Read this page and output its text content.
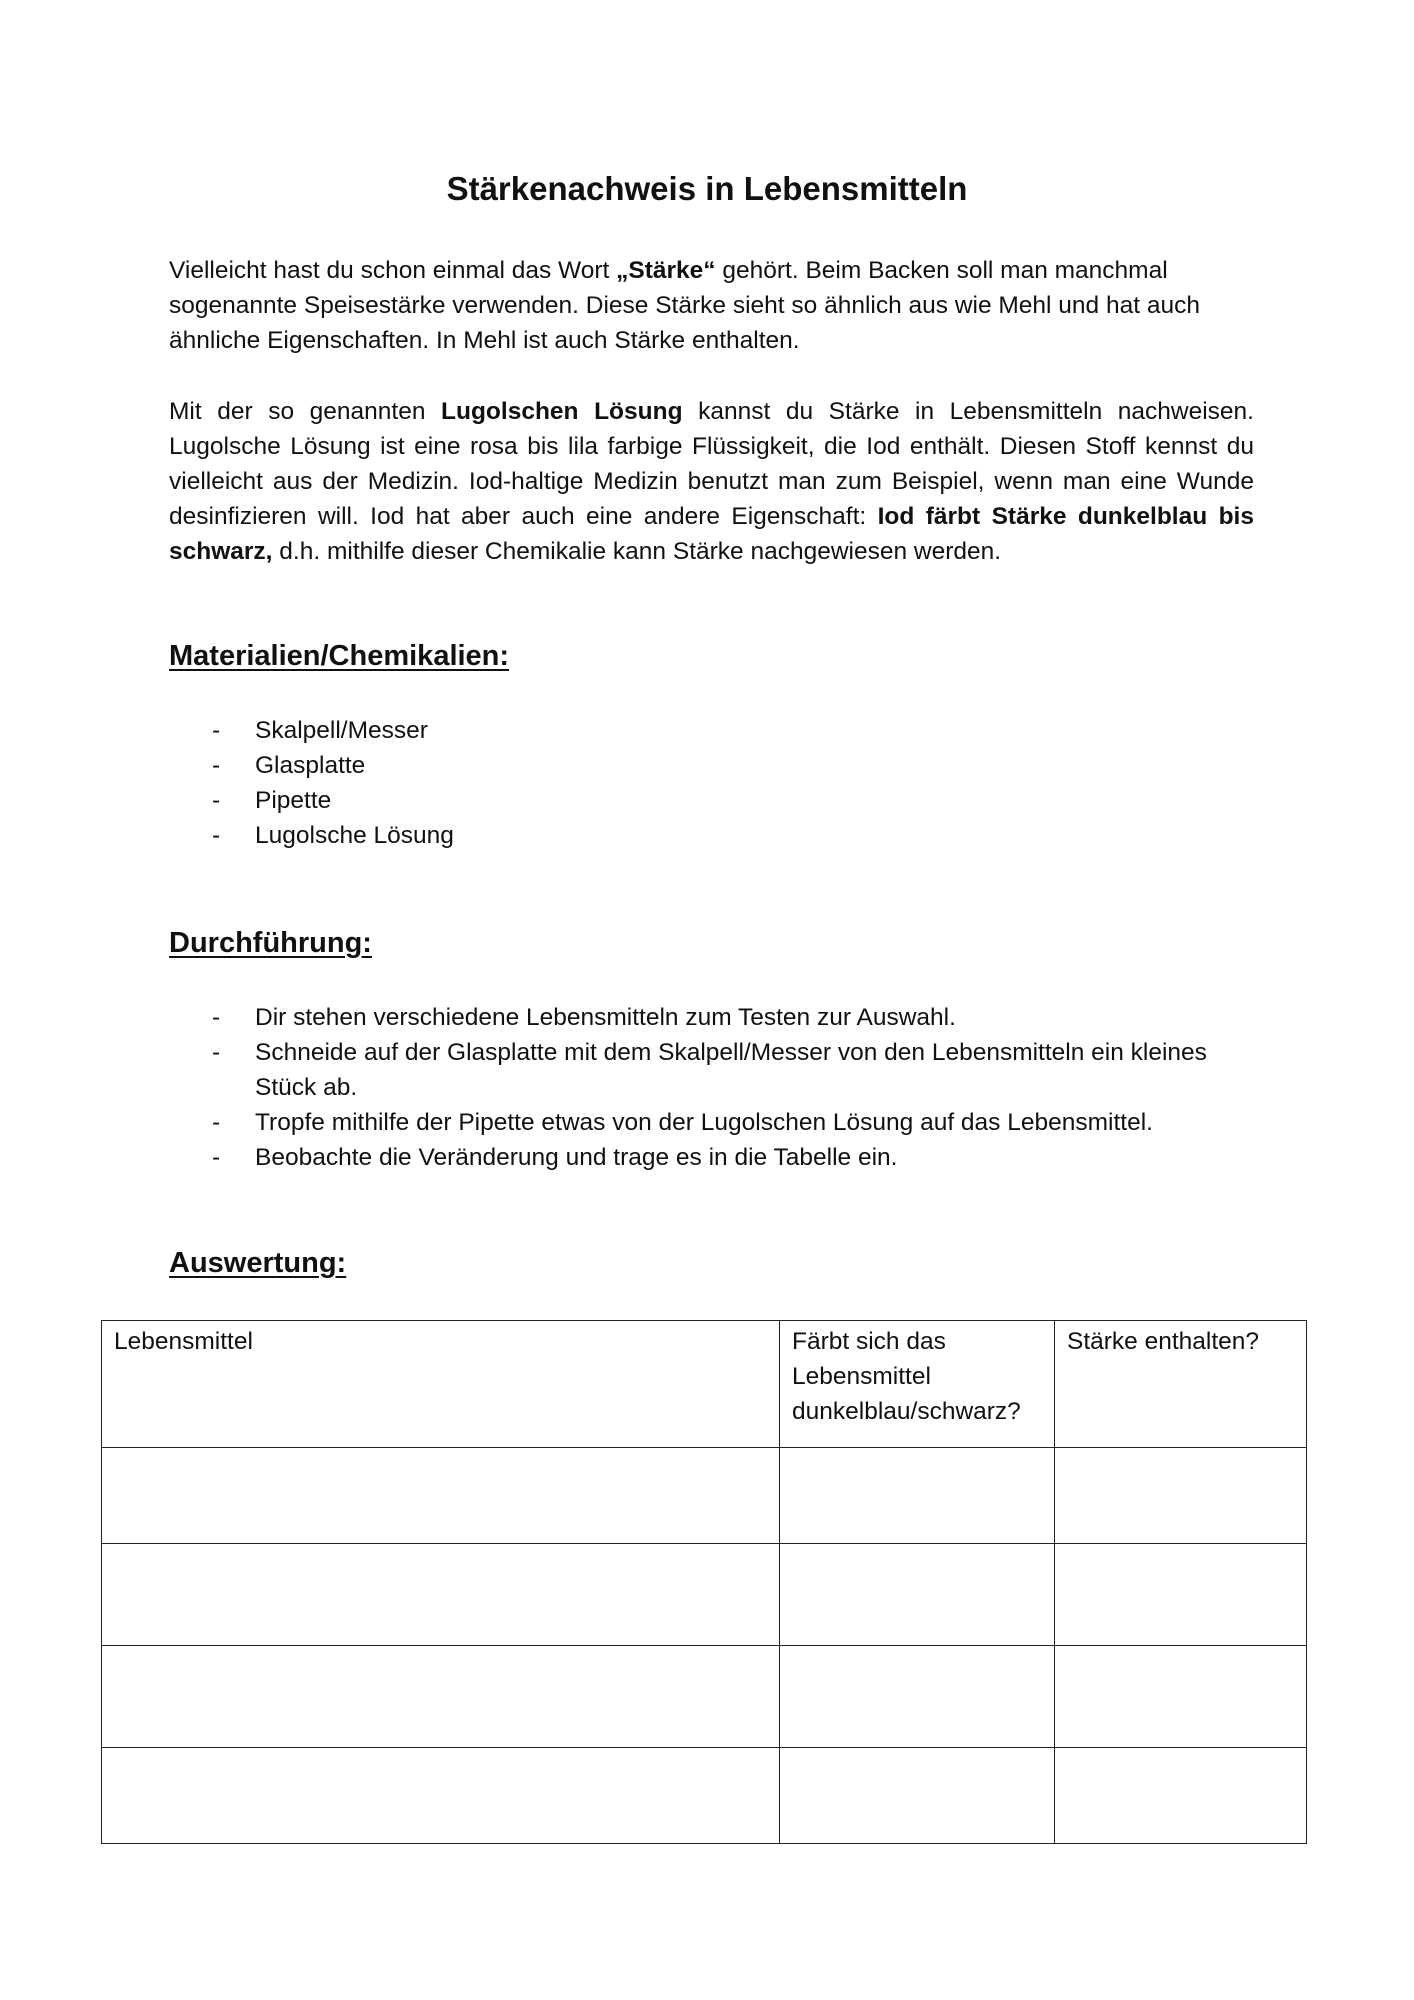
Stärkenachweis in Lebensmitteln

Vielleicht hast du schon einmal das Wort „Stärke“ gehört. Beim Backen soll man manchmal sogenannte Speisestärke verwenden. Diese Stärke sieht so ähnlich aus wie Mehl und hat auch ähnliche Eigenschaften. In Mehl ist auch Stärke enthalten.

Mit der so genannten Lugolschen Lösung kannst du Stärke in Lebensmitteln nachweisen. Lugolsche Lösung ist eine rosa bis lila farbige Flüssigkeit, die Iod enthält. Diesen Stoff kennst du vielleicht aus der Medizin. Iod-haltige Medizin benutzt man zum Beispiel, wenn man eine Wunde desinfizieren will. Iod hat aber auch eine andere Eigenschaft: Iod färbt Stärke dunkelblau bis schwarz, d.h. mithilfe dieser Chemikalie kann Stärke nachgewiesen werden.

Materialien/Chemikalien:
- Skalpell/Messer
- Glasplatte
- Pipette
- Lugolsche Lösung
Durchführung:
- Dir stehen verschiedene Lebensmitteln zum Testen zur Auswahl.
- Schneide auf der Glasplatte mit dem Skalpell/Messer von den Lebensmitteln ein kleines Stück ab.
- Tropfe mithilfe der Pipette etwas von der Lugolschen Lösung auf das Lebensmittel.
- Beobachte die Veränderung und trage es in die Tabelle ein.
Auswertung:
Lebensmittel	Färbt sich das Lebensmittel dunkelblau/schwarz?	Stärke enthalten?
